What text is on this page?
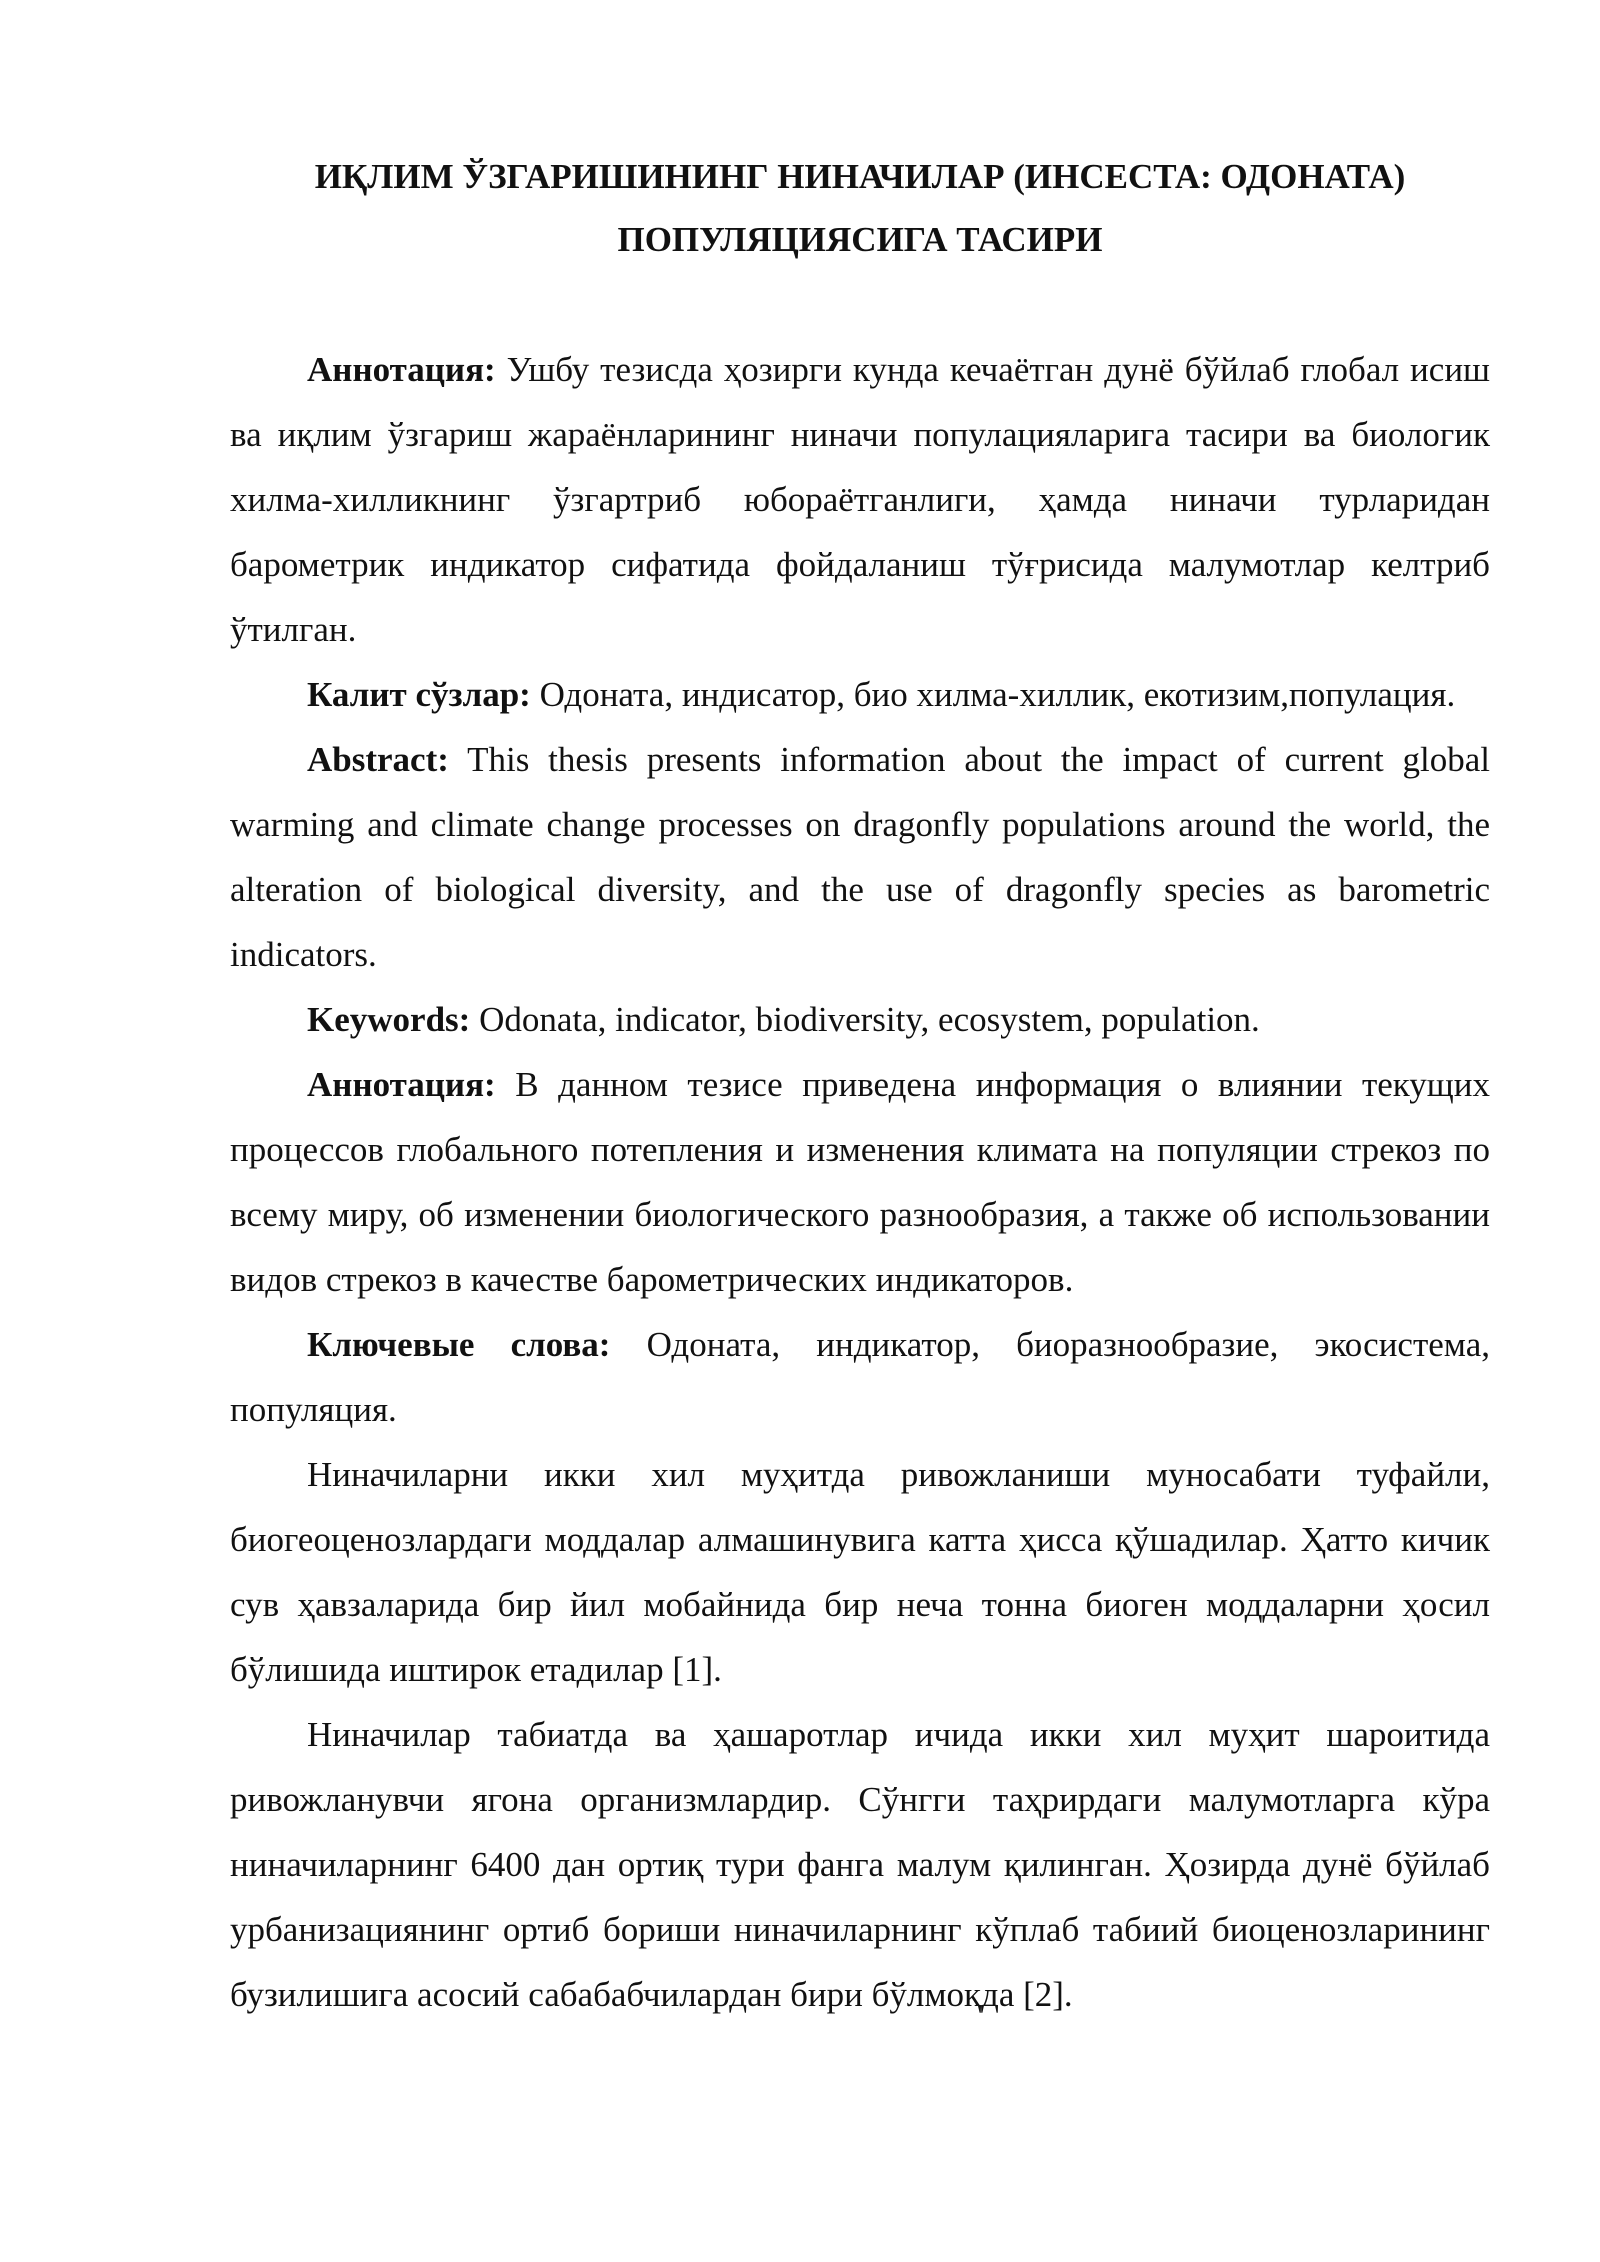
ИҚЛИМ ЎЗГАРИШИНИНГ НИНАЧИЛАР (ИНСЕСТА: ОДОНАТА)
ПОПУЛЯЦИЯСИГА ТАСИРИ

Аннотация: Ушбу тезисда ҳозирги кунда кечаётган дунё бўйлаб глобал исиш ва иқлим ўзгариш жараёнларининг ниначи популацияларига тасири ва биологик хилма-хилликнинг ўзгартриб юбораётганлиги, ҳамда ниначи турларидан барометрик индикатор сифатида фойдаланиш тўғрисида малумотлар келтриб ўтилган.

Калит сўзлар: Одоната, индисатор, био хилма-хиллик, екотизим,популация.

Abstract: This thesis presents information about the impact of current global warming and climate change processes on dragonfly populations around the world, the alteration of biological diversity, and the use of dragonfly species as barometric indicators.

Keywords: Odonata, indicator, biodiversity, ecosystem, population.

Аннотация: В данном тезисе приведена информация о влиянии текущих процессов глобального потепления и изменения климата на популяции стрекоз по всему миру, об изменении биологического разнообразия, а также об использовании видов стрекоз в качестве барометрических индикаторов.

Ключевые слова: Одоната, индикатор, биоразнообразие, экосистема, популяция.

Ниначиларни икки хил муҳитда ривожланиши муносабати туфайли, биогеоценозлардаги моддалар алмашинувига катта ҳисса қўшадилар. Ҳатто кичик сув ҳавзаларида бир йил мобайнида бир неча тонна биоген моддаларни ҳосил бўлишида иштирок етадилар [1].

Ниначилар табиатда ва ҳашаротлар ичида икки хил муҳит шароитида ривожланувчи ягона организмлардир. Сўнгги таҳрирдаги малумотларга кўра ниначиларнинг 6400 дан ортиқ тури фанга малум қилинган. Ҳозирда дунё бўйлаб урбанизациянинг ортиб бориши ниначиларнинг кўплаб табиий биоценозларининг бузилишига асосий сабабабчилардан бири бўлмоқда [2].
